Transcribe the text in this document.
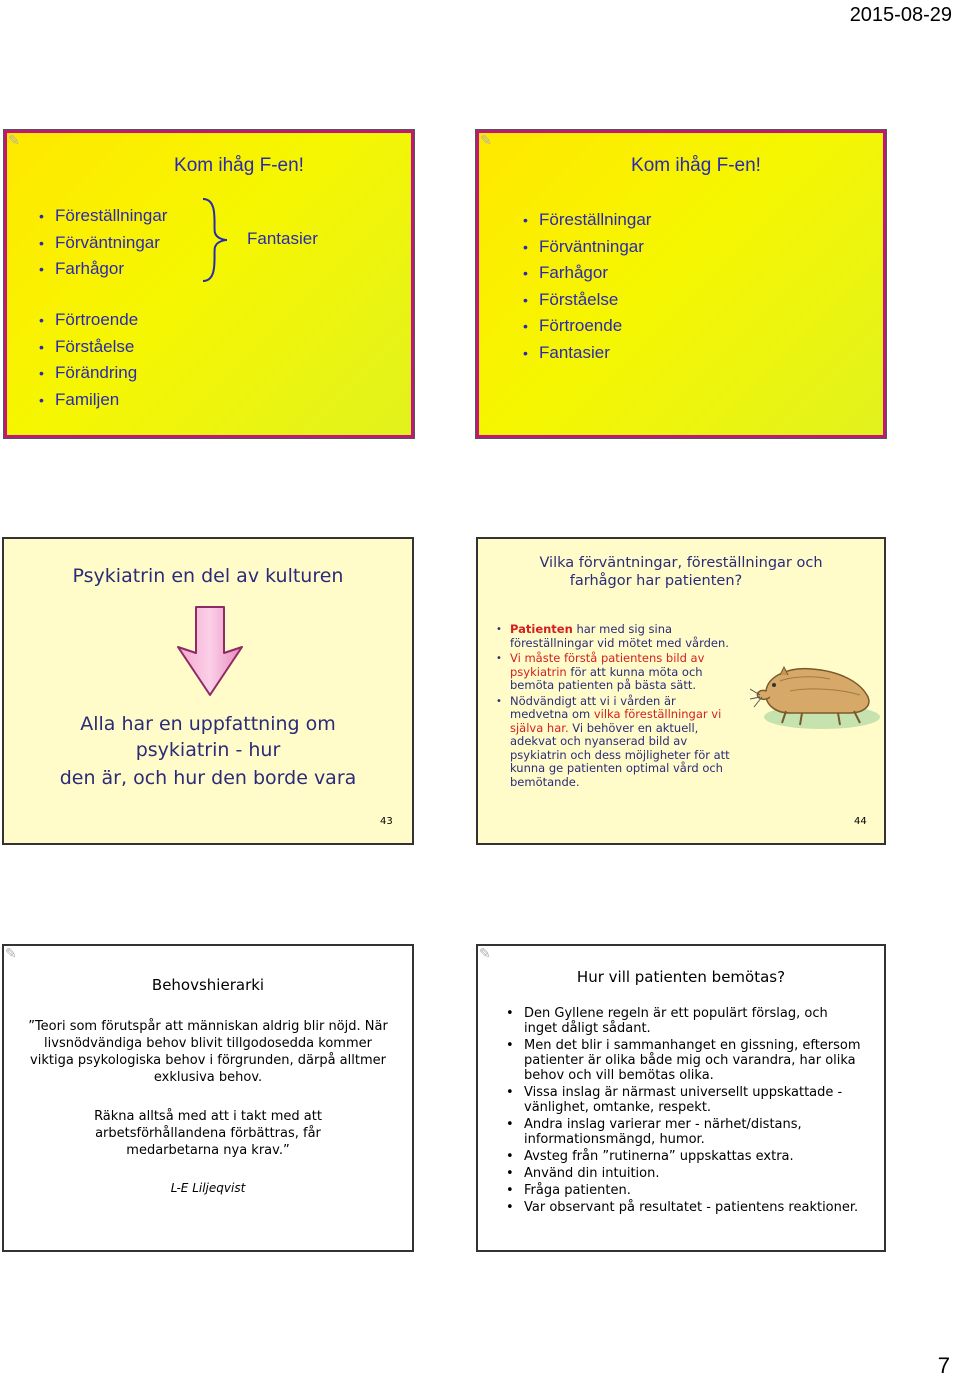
2015-08-29
✎
Kom ihåg F-en!
• Föreställningar
• Förväntningar
• Farhågor
Fantasier
• Förtroende
• Förståelse
• Förändring
• Familjen
✎
Kom ihåg F-en!
• Föreställningar
• Förväntningar
• Farhågor
• Förståelse
• Förtroende
• Fantasier
Psykiatrin en del av kulturen
Alla har en uppfattning om
psykiatrin - hur
den är, och hur den borde vara
43
Vilka förväntningar, föreställningar och
farhågor har patienten?
• Patienten har med sig sina föreställningar vid mötet med vården.
• Vi måste förstå patientens bild av psykiatrin för att kunna möta och bemöta patienten på bästa sätt.
• Nödvändigt att vi i vården är medvetna om vilka föreställningar vi själva har. Vi behöver en aktuell, adekvat och nyanserad bild av psykiatrin och dess möjligheter för att kunna ge patienten optimal vård och bemötande.
44
✎
Behovshierarki
”Teori som förutspår att människan aldrig blir nöjd. När livsnödvändiga behov blivit tillgodosedda kommer viktiga psykologiska behov i förgrunden, därpå alltmer exklusiva behov.
Räkna alltså med att i takt med att arbetsförhållandena förbättras, får medarbetarna nya krav.”
L-E Liljeqvist
✎
Hur vill patienten bemötas?
• Den Gyllene regeln är ett populärt förslag, och inget dåligt sådant.
• Men det blir i sammanhanget en gissning, eftersom patienter är olika både mig och varandra, har olika behov och vill bemötas olika.
• Vissa inslag är närmast universellt uppskattade - vänlighet, omtanke, respekt.
• Andra inslag varierar mer - närhet/distans, informationsmängd, humor.
• Avsteg från ”rutinerna” uppskattas extra.
• Använd din intuition.
• Fråga patienten.
• Var observant på resultatet - patientens reaktioner.
7
